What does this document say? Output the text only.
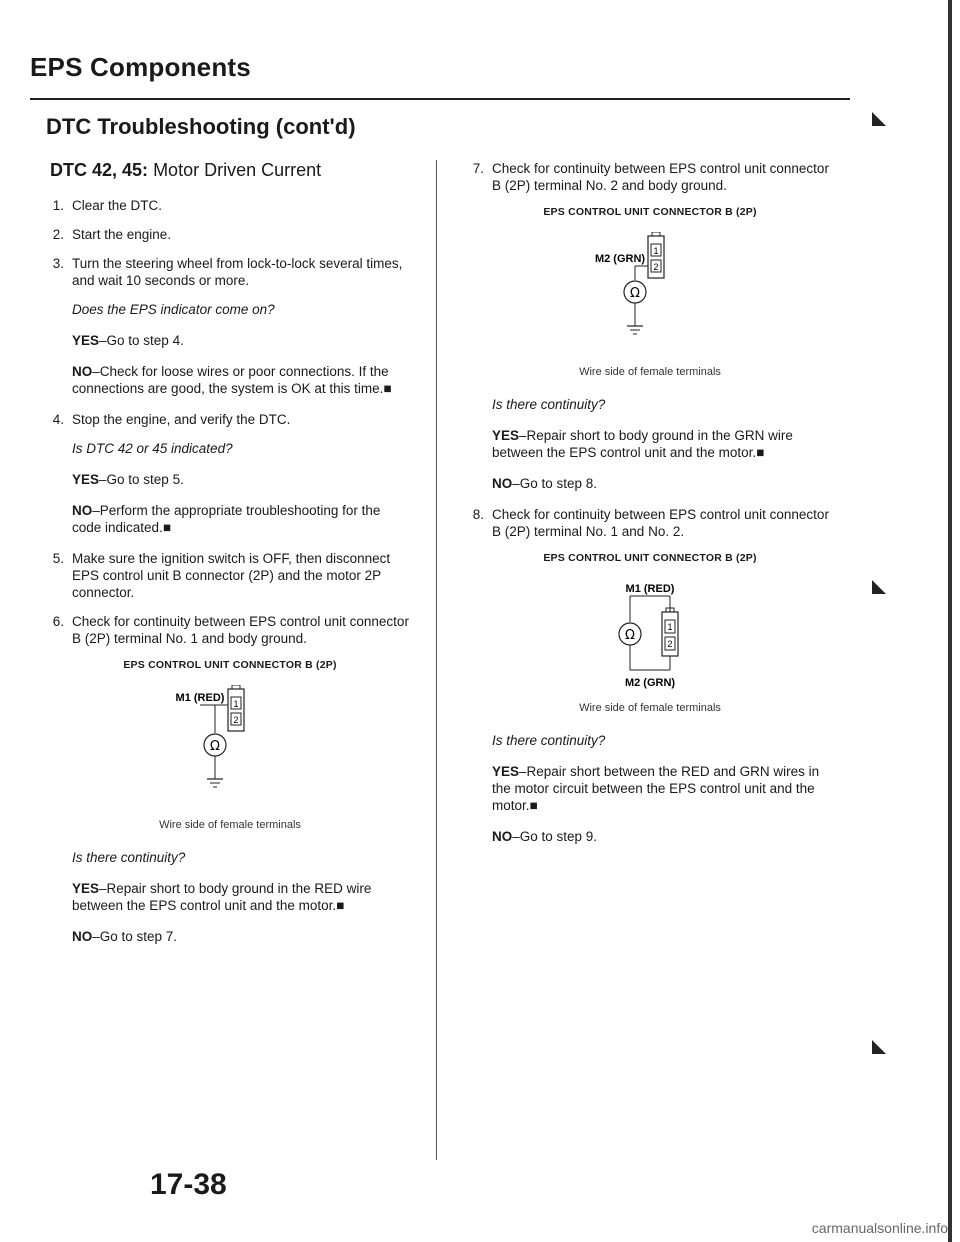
EPS Components
DTC Troubleshooting (cont'd)
DTC 42, 45: Motor Driven Current
1. Clear the DTC.
2. Start the engine.
3. Turn the steering wheel from lock-to-lock several times, and wait 10 seconds or more.
Does the EPS indicator come on?
YES–Go to step 4.
NO–Check for loose wires or poor connections. If the connections are good, the system is OK at this time.■
4. Stop the engine, and verify the DTC.
Is DTC 42 or 45 indicated?
YES–Go to step 5.
NO–Perform the appropriate troubleshooting for the code indicated.■
5. Make sure the ignition switch is OFF, then disconnect EPS control unit B connector (2P) and the motor 2P connector.
6. Check for continuity between EPS control unit connector B (2P) terminal No. 1 and body ground.
EPS CONTROL UNIT CONNECTOR B (2P)
M1 (RED) 1
2
Ω
Wire side of female terminals
Is there continuity?
YES–Repair short to body ground in the RED wire between the EPS control unit and the motor.■
NO–Go to step 7.
7. Check for continuity between EPS control unit connector B (2P) terminal No. 2 and body ground.
EPS CONTROL UNIT CONNECTOR B (2P)
M2 (GRN)
1
2
Ω
Wire side of female terminals
Is there continuity?
YES–Repair short to body ground in the GRN wire between the EPS control unit and the motor.■
NO–Go to step 8.
8. Check for continuity between EPS control unit connector B (2P) terminal No. 1 and No. 2.
EPS CONTROL UNIT CONNECTOR B (2P)
M1 (RED)
Ω
1
2
M2 (GRN)
Wire side of female terminals
Is there continuity?
YES–Repair short between the RED and GRN wires in the motor circuit between the EPS control unit and the motor.■
NO–Go to step 9.
17-38
carmanualsonline.info
